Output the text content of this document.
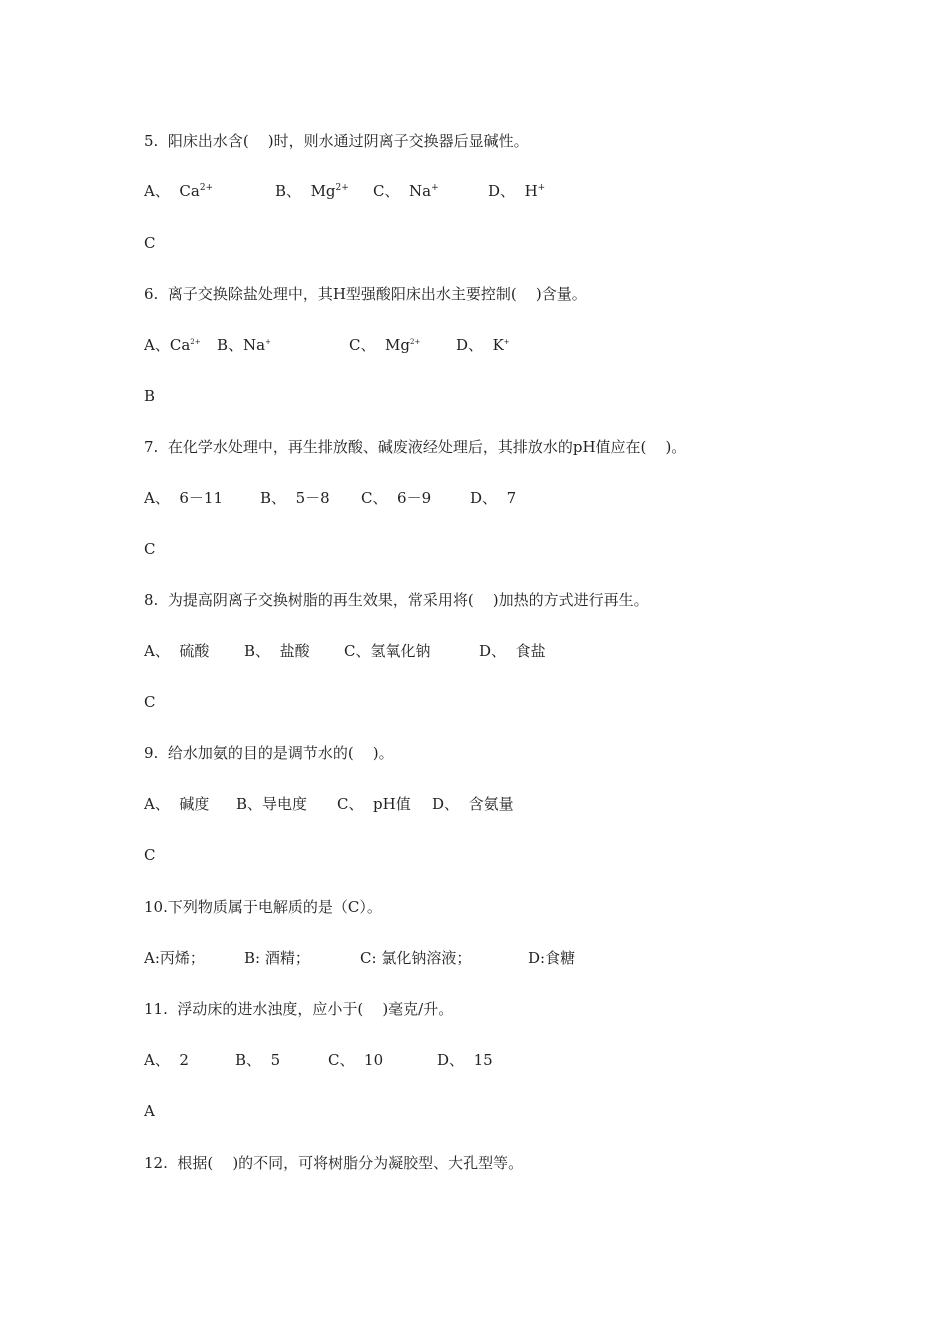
5.  阳床出水含(    )时，则水通过阴离子交换器后显碱性。

A、 $Ca^{2+}$

	B、 $Mg^{2+}$

C、 Na+

	D、 H+

C
6.  离子交换除盐处理中，其H型强酸阳床出水主要控制(    )含量。

A、$Ca^{2+}$

B、Na+

	C、 $Mg^{2+}$

D、 K+

B
7.  在化学水处理中，再生排放酸、碱废液经处理后，其排放水的pH值应在(    )。

A、 6－11

B、 5－8

C、 6－9

	D、 7

C
8.  为提高阴离子交换树脂的再生效果，常采用将(    )加热的方式进行再生。

A、 硫酸

B、 盐酸

C、氢氧化钠

	D、 食盐

C
9.  给水加氨的目的是调节水的(    )。

A、 碱度

B、导电度

C、 pH值

D、 含氨量

C
10.下列物质属于电解质的是（C）。

A:丙烯；

	B: 酒精；

	C: 氯化钠溶液；

	D:食糖

11.  浮动床的进水浊度，应小于(    )毫克/升。

A、 2

	B、 5

	C、 10

	D、 15

A
12.  根据(    )的不同，可将树脂分为凝胶型、大孔型等。
